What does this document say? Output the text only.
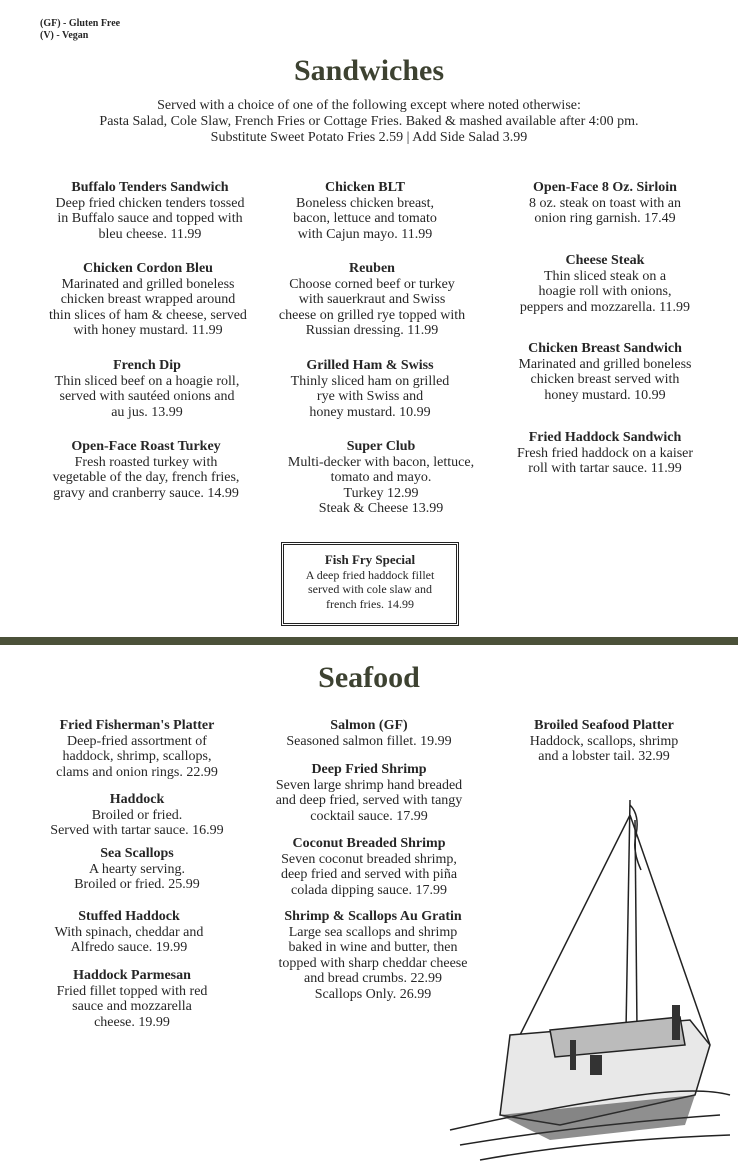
(GF) - Gluten Free
(V) - Vegan
Sandwiches
Served with a choice of one of the following except where noted otherwise:
Pasta Salad, Cole Slaw, French Fries or Cottage Fries. Baked & mashed available after 4:00 pm.
Substitute Sweet Potato Fries 2.59 | Add Side Salad 3.99
Buffalo Tenders Sandwich
Deep fried chicken tenders tossed
in Buffalo sauce and topped with
bleu cheese. 11.99
Chicken Cordon Bleu
Marinated and grilled boneless
chicken breast wrapped around
thin slices of ham & cheese, served
with honey mustard. 11.99
French Dip
Thin sliced beef on a hoagie roll,
served with sautéed onions and
au jus. 13.99
Open-Face Roast Turkey
Fresh roasted turkey with
vegetable of the day, french fries,
gravy and cranberry sauce. 14.99
Chicken BLT
Boneless chicken breast,
bacon, lettuce and tomato
with Cajun mayo. 11.99
Reuben
Choose corned beef or turkey
with sauerkraut and Swiss
cheese on grilled rye topped with
Russian dressing. 11.99
Grilled Ham & Swiss
Thinly sliced ham on grilled
rye with Swiss and
honey mustard. 10.99
Super Club
Multi-decker with bacon, lettuce,
tomato and mayo.
Turkey 12.99
Steak & Cheese 13.99
Open-Face 8 Oz. Sirloin
8 oz. steak on toast with an
onion ring garnish. 17.49
Cheese Steak
Thin sliced steak on a
hoagie roll with onions,
peppers and mozzarella. 11.99
Chicken Breast Sandwich
Marinated and grilled boneless
chicken breast served with
honey mustard. 10.99
Fried Haddock Sandwich
Fresh fried haddock on a kaiser
roll with tartar sauce. 11.99
Fish Fry Special
A deep fried haddock fillet
served with cole slaw and
french fries. 14.99
Seafood
Fried Fisherman's Platter
Deep-fried assortment of
haddock, shrimp, scallops,
clams and onion rings. 22.99
Haddock
Broiled or fried.
Served with tartar sauce. 16.99
Sea Scallops
A hearty serving.
Broiled or fried. 25.99
Stuffed Haddock
With spinach, cheddar and
Alfredo sauce. 19.99
Haddock Parmesan
Fried fillet topped with red
sauce and mozzarella
cheese. 19.99
Salmon (GF)
Seasoned salmon fillet. 19.99
Deep Fried Shrimp
Seven large shrimp hand breaded
and deep fried, served with tangy
cocktail sauce. 17.99
Coconut Breaded Shrimp
Seven coconut breaded shrimp,
deep fried and served with piña
colada dipping sauce. 17.99
Shrimp & Scallops Au Gratin
Large sea scallops and shrimp
baked in wine and butter, then
topped with sharp cheddar cheese
and bread crumbs. 22.99
Scallops Only. 26.99
Broiled Seafood Platter
Haddock, scallops, shrimp
and a lobster tail. 32.99
